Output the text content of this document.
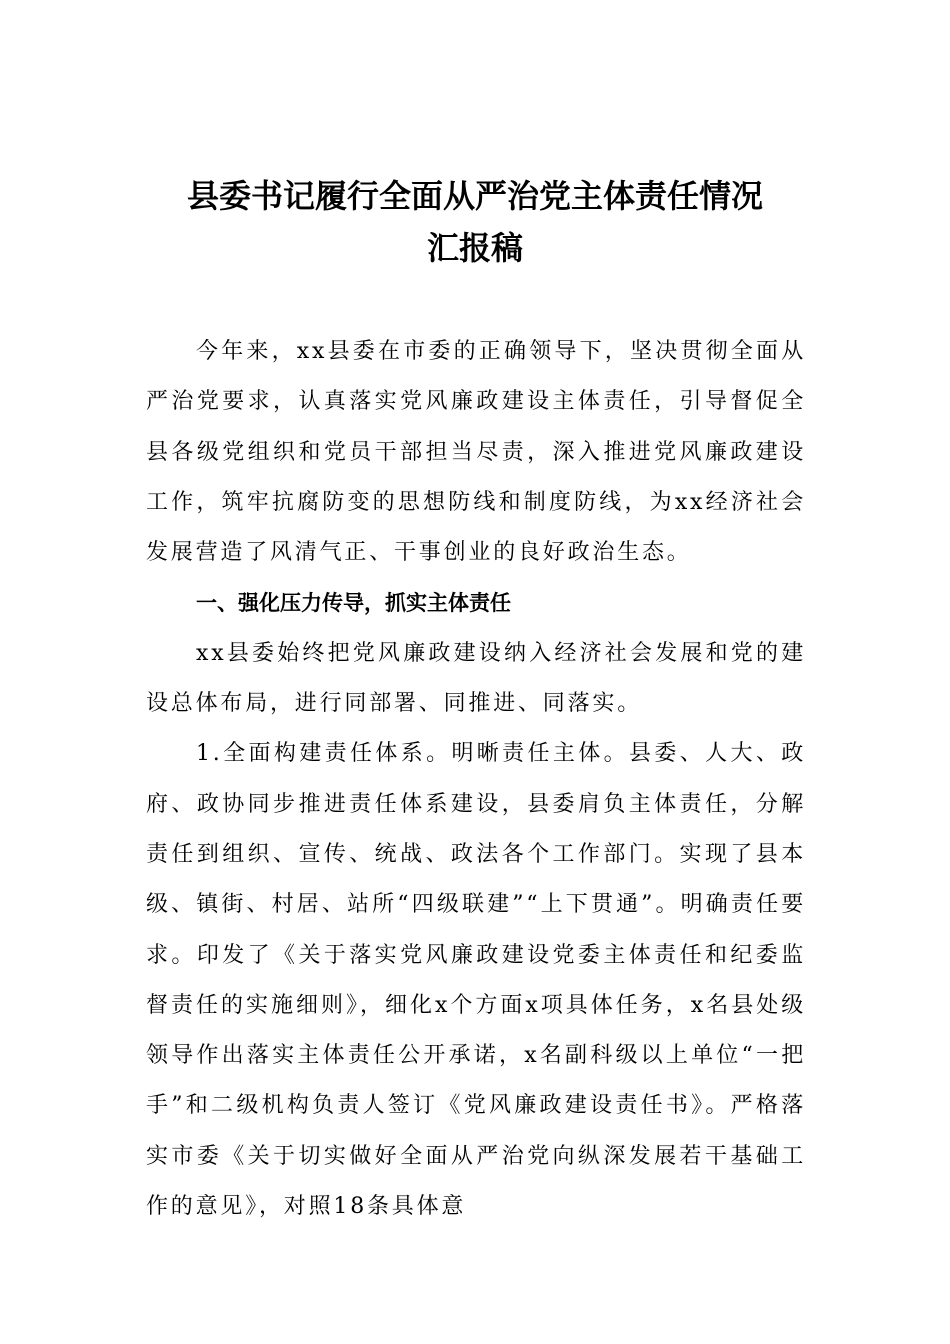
县委书记履行全面从严治党主体责任情况
汇报稿

今年来，xx县委在市委的正确领导下，坚决贯彻全面从严治党要求，认真落实党风廉政建设主体责任，引导督促全县各级党组织和党员干部担当尽责，深入推进党风廉政建设工作，筑牢抗腐防变的思想防线和制度防线，为xx经济社会发展营造了风清气正、干事创业的良好政治生态。

一、强化压力传导，抓实主体责任

xx县委始终把党风廉政建设纳入经济社会发展和党的建设总体布局，进行同部署、同推进、同落实。

1.全面构建责任体系。明晰责任主体。县委、人大、政府、政协同步推进责任体系建设，县委肩负主体责任，分解责任到组织、宣传、统战、政法各个工作部门。实现了县本级、镇街、村居、站所“四级联建”“上下贯通”。明确责任要求。印发了《关于落实党风廉政建设党委主体责任和纪委监督责任的实施细则》，细化x个方面x项具体任务，x名县处级领导作出落实主体责任公开承诺，x名副科级以上单位“一把手”和二级机构负责人签订《党风廉政建设责任书》。严格落实市委《关于切实做好全面从严治党向纵深发展若干基础工作的意见》，对照18条具体意
